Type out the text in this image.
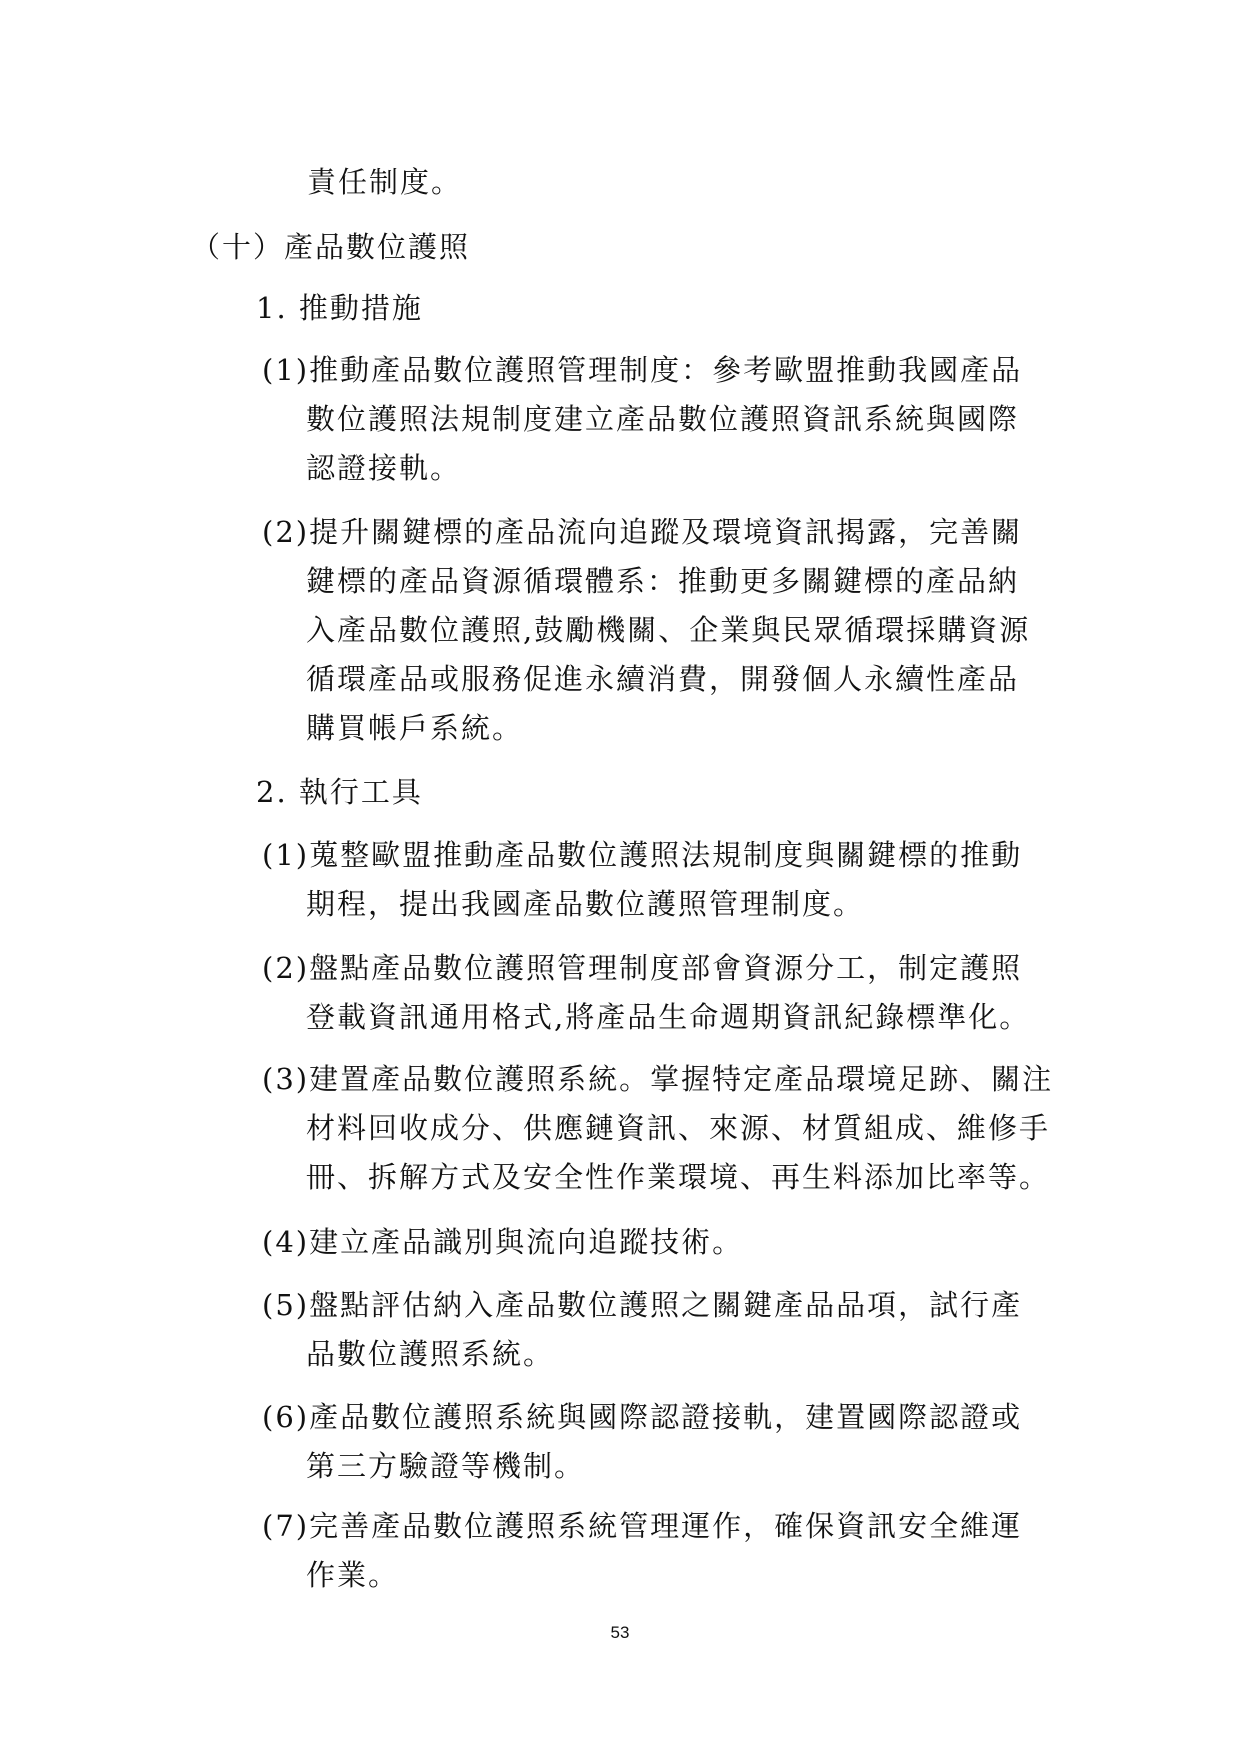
責任制度。
（十）產品數位護照
1. 推動措施
(1)推動產品數位護照管理制度：參考歐盟推動我國產品
數位護照法規制度建立產品數位護照資訊系統與國際
認證接軌。
(2)提升關鍵標的產品流向追蹤及環境資訊揭露，完善關
鍵標的產品資源循環體系：推動更多關鍵標的產品納
入產品數位護照,鼓勵機關、企業與民眾循環採購資源
循環產品或服務促進永續消費，開發個人永續性產品
購買帳戶系統。
2. 執行工具
(1)蒐整歐盟推動產品數位護照法規制度與關鍵標的推動
期程，提出我國產品數位護照管理制度。
(2)盤點產品數位護照管理制度部會資源分工，制定護照
登載資訊通用格式,將產品生命週期資訊紀錄標準化。
(3)建置產品數位護照系統。掌握特定產品環境足跡、關注
材料回收成分、供應鏈資訊、來源、材質組成、維修手
冊、拆解方式及安全性作業環境、再生料添加比率等。
(4)建立產品識別與流向追蹤技術。
(5)盤點評估納入產品數位護照之關鍵產品品項，試行產
品數位護照系統。
(6)產品數位護照系統與國際認證接軌，建置國際認證或
第三方驗證等機制。
(7)完善產品數位護照系統管理運作，確保資訊安全維運
作業。
53
